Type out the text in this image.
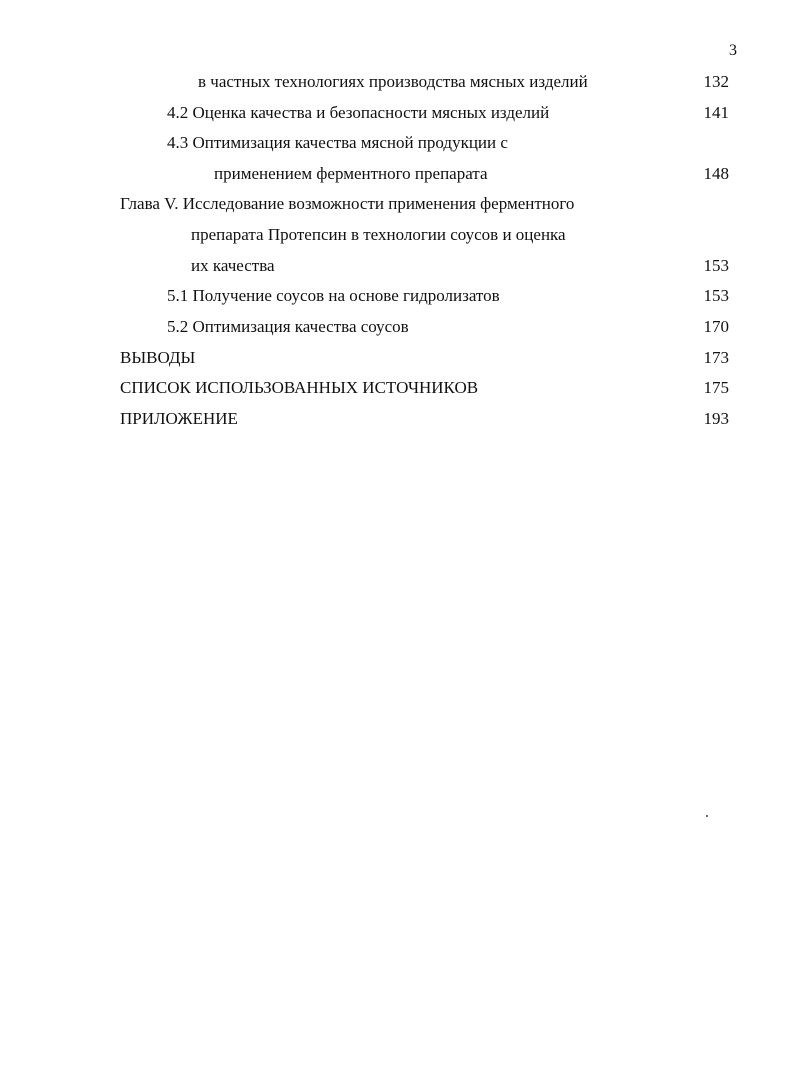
3
в частных технологиях производства мясных изделий	132
4.2 Оценка качества и безопасности мясных изделий	141
4.3 Оптимизация качества мясной продукции с
применением ферментного препарата	148
Глава V. Исследование возможности применения ферментного
препарата Протепсин в технологии соусов и оценка
их качества	153
5.1 Получение соусов на основе гидролизатов	153
5.2 Оптимизация качества соусов	170
ВЫВОДЫ	173
СПИСОК ИСПОЛЬЗОВАННЫХ ИСТОЧНИКОВ	175
ПРИЛОЖЕНИЕ	193
